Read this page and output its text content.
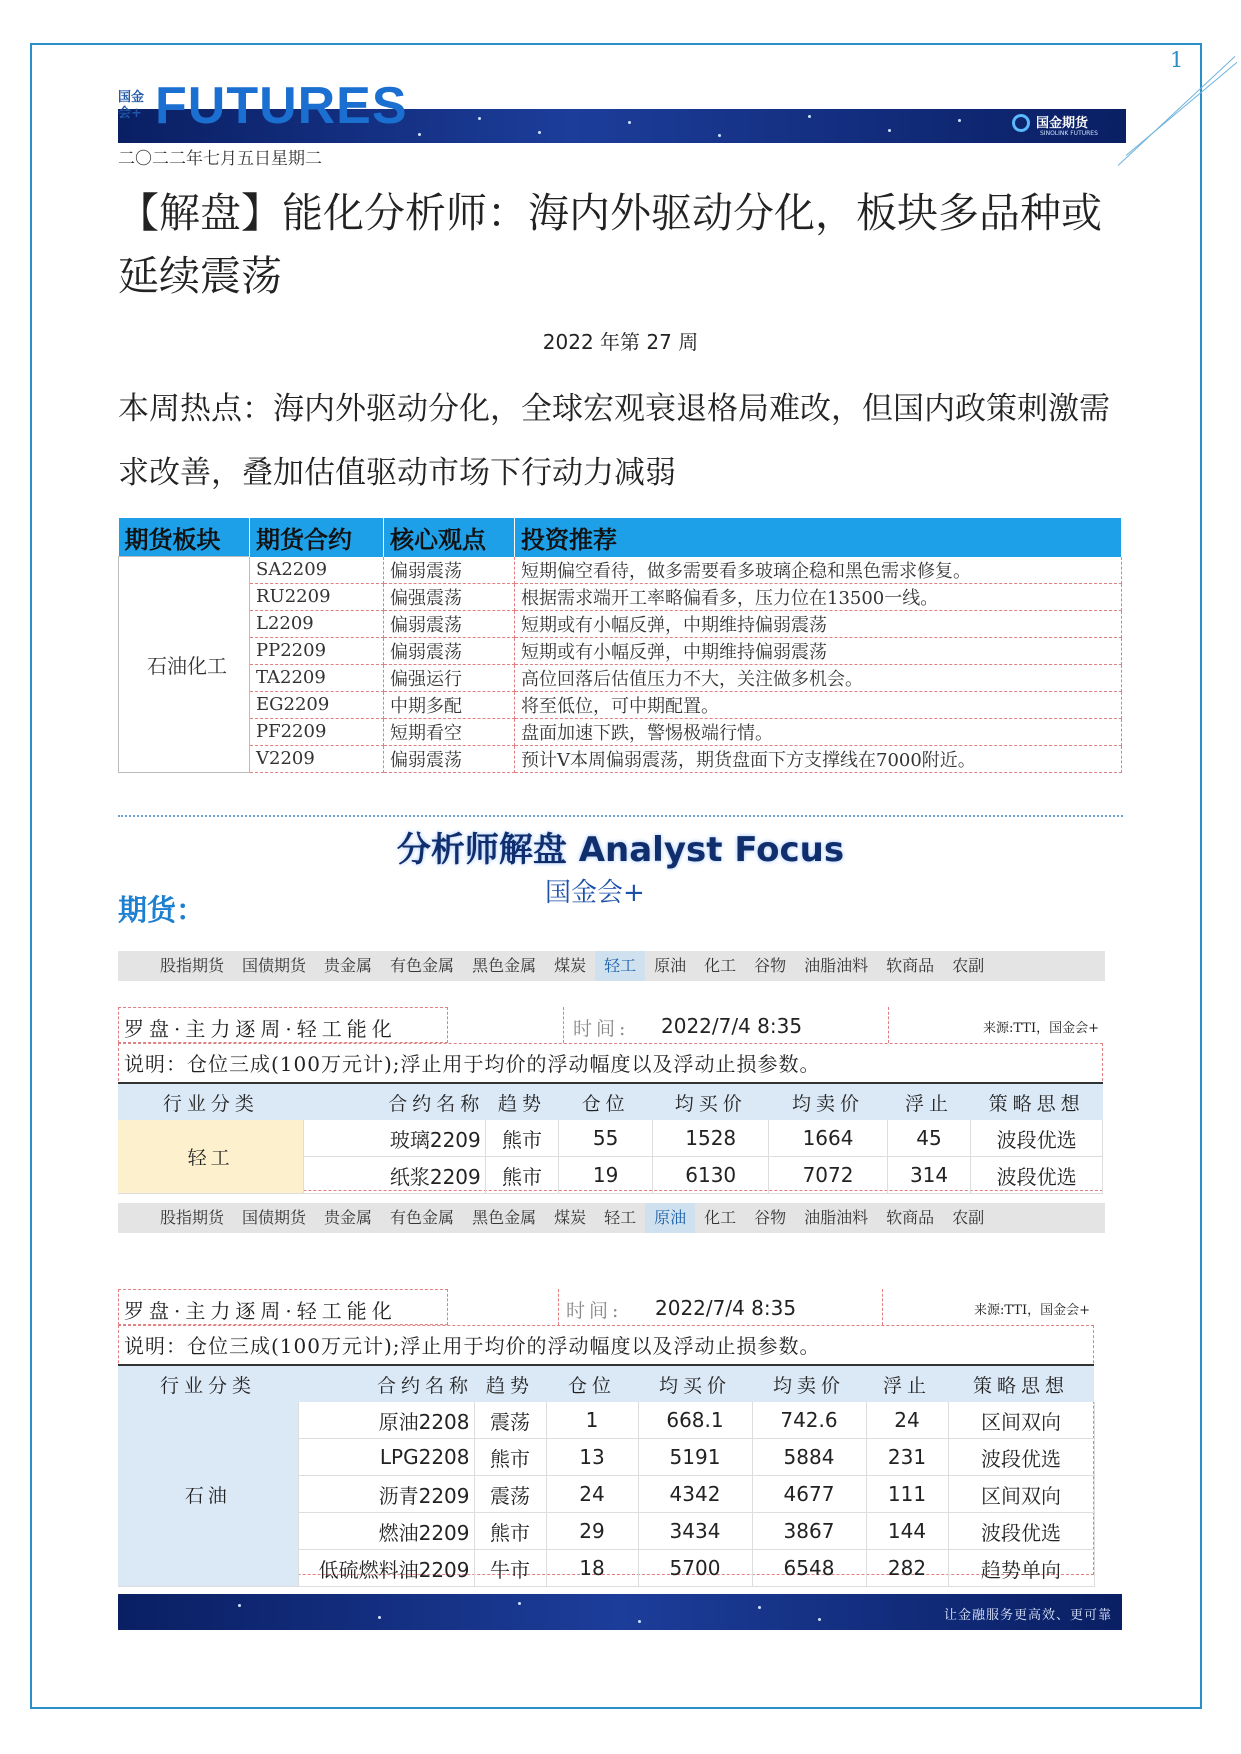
1
国金会+ FUTURES	国金期货
SINOLINK FUTURES
二〇二二年七月五日星期二
【解盘】能化分析师：海内外驱动分化，板块多品种或延续震荡
2022 年第 27 周
本周热点：海内外驱动分化，全球宏观衰退格局难改，但国内政策刺激需求改善，叠加估值驱动市场下行动力减弱
期货板块	期货合约	核心观点	投资推荐
石油化工	SA2209	偏弱震荡	短期偏空看待，做多需要看多玻璃企稳和黑色需求修复。
	RU2209	偏强震荡	根据需求端开工率略偏看多，压力位在13500一线。
	L2209	偏弱震荡	短期或有小幅反弹，中期维持偏弱震荡
	PP2209	偏弱震荡	短期或有小幅反弹，中期维持偏弱震荡
	TA2209	偏强运行	高位回落后估值压力不大，关注做多机会。
	EG2209	中期多配	将至低位，可中期配置。
	PF2209	短期看空	盘面加速下跌，警惕极端行情。
	V2209	偏弱震荡	预计V本周偏弱震荡，期货盘面下方支撑线在7000附近。
分析师解盘 Analyst Focus
国金会+
期货：
股指期货	国债期货	贵金属	有色金属	黑色金属	煤炭	轻工	原油	化工	谷物	油脂油料	软商品	农副
罗盘·主力逐周·轻工能化	时间: 2022/7/4 8:35	来源:TTI，国金会+
说明：仓位三成(100万元计);浮止用于均价的浮动幅度以及浮动止损参数。
行业分类	合约名称	趋势	仓位	均买价	均卖价	浮止	策略思想
轻工	玻璃2209	熊市	55	1528	1664	45	波段优选
	纸浆2209	熊市	19	6130	7072	314	波段优选
股指期货	国债期货	贵金属	有色金属	黑色金属	煤炭	轻工	原油	化工	谷物	油脂油料	软商品	农副
罗盘·主力逐周·轻工能化	时间: 2022/7/4 8:35	来源:TTI，国金会+
说明：仓位三成(100万元计);浮止用于均价的浮动幅度以及浮动止损参数。
行业分类	合约名称	趋势	仓位	均买价	均卖价	浮止	策略思想
石油	原油2208	震荡	1	668.1	742.6	24	区间双向
	LPG2208	熊市	13	5191	5884	231	波段优选
	沥青2209	震荡	24	4342	4677	111	区间双向
	燃油2209	熊市	29	3434	3867	144	波段优选
	低硫燃料油2209	牛市	18	5700	6548	282	趋势单向
让金融服务更高效、更可靠
